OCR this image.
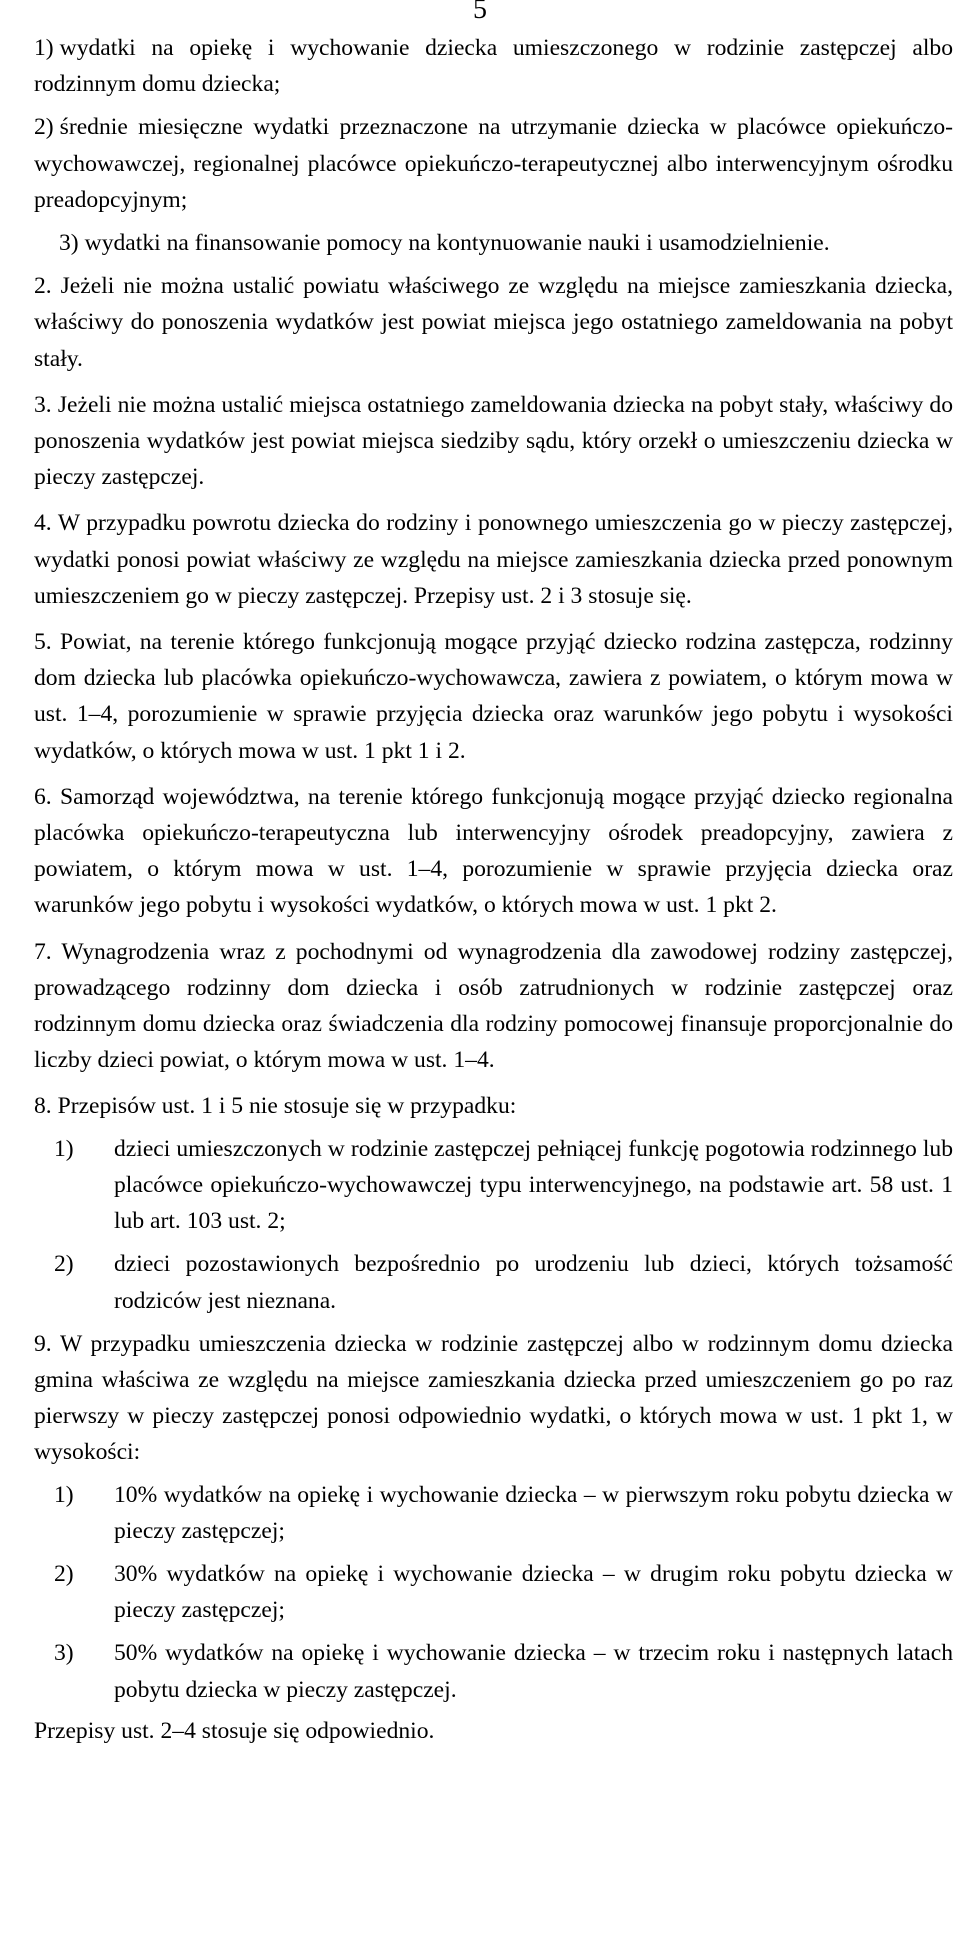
5
1) wydatki na opiekę i wychowanie dziecka umieszczonego w rodzinie zastępczej albo rodzinnym domu dziecka;
2) średnie miesięczne wydatki przeznaczone na utrzymanie dziecka w placówce opiekuńczo-wychowawczej, regionalnej placówce opiekuńczo-terapeutycznej albo interwencyjnym ośrodku preadopcyjnym;
3) wydatki na finansowanie pomocy na kontynuowanie nauki i usamodzielnienie.

2. Jeżeli nie można ustalić powiatu właściwego ze względu na miejsce zamieszkania dziecka, właściwy do ponoszenia wydatków jest powiat miejsca jego ostatniego zameldowania na pobyt stały.

3. Jeżeli nie można ustalić miejsca ostatniego zameldowania dziecka na pobyt stały, właściwy do ponoszenia wydatków jest powiat miejsca siedziby sądu, który orzekł o umieszczeniu dziecka w pieczy zastępczej.

4. W przypadku powrotu dziecka do rodziny i ponownego umieszczenia go w pieczy zastępczej, wydatki ponosi powiat właściwy ze względu na miejsce zamieszkania dziecka przed ponownym umieszczeniem go w pieczy zastępczej. Przepisy ust. 2 i 3 stosuje się.

5. Powiat, na terenie którego funkcjonują mogące przyjąć dziecko rodzina zastępcza, rodzinny dom dziecka lub placówka opiekuńczo-wychowawcza, zawiera z powiatem, o którym mowa w ust. 1–4, porozumienie w sprawie przyjęcia dziecka oraz warunków jego pobytu i wysokości wydatków, o których mowa w ust. 1 pkt 1 i 2.

6. Samorząd województwa, na terenie którego funkcjonują mogące przyjąć dziecko regionalna placówka opiekuńczo-terapeutyczna lub interwencyjny ośrodek preadopcyjny, zawiera z powiatem, o którym mowa w ust. 1–4, porozumienie w sprawie przyjęcia dziecka oraz warunków jego pobytu i wysokości wydatków, o których mowa w ust. 1 pkt 2.

7. Wynagrodzenia wraz z pochodnymi od wynagrodzenia dla zawodowej rodziny zastępczej, prowadzącego rodzinny dom dziecka i osób zatrudnionych w rodzinie zastępczej oraz rodzinnym domu dziecka oraz świadczenia dla rodziny pomocowej finansuje proporcjonalnie do liczby dzieci powiat, o którym mowa w ust. 1–4.

8. Przepisów ust. 1 i 5 nie stosuje się w przypadku:

1) dzieci umieszczonych w rodzinie zastępczej pełniącej funkcję pogotowia rodzinnego lub placówce opiekuńczo-wychowawczej typu interwencyjnego, na podstawie art. 58 ust. 1 lub art. 103 ust. 2;
2) dzieci pozostawionych bezpośrednio po urodzeniu lub dzieci, których tożsamość rodziców jest nieznana.

9. W przypadku umieszczenia dziecka w rodzinie zastępczej albo w rodzinnym domu dziecka gmina właściwa ze względu na miejsce zamieszkania dziecka przed umieszczeniem go po raz pierwszy w pieczy zastępczej ponosi odpowiednio wydatki, o których mowa w ust. 1 pkt 1, w wysokości:

1) 10% wydatków na opiekę i wychowanie dziecka – w pierwszym roku pobytu dziecka w pieczy zastępczej;
2) 30% wydatków na opiekę i wychowanie dziecka – w drugim roku pobytu dziecka w pieczy zastępczej;
3) 50% wydatków na opiekę i wychowanie dziecka – w trzecim roku i następnych latach pobytu dziecka w pieczy zastępczej.

Przepisy ust. 2–4 stosuje się odpowiednio.
